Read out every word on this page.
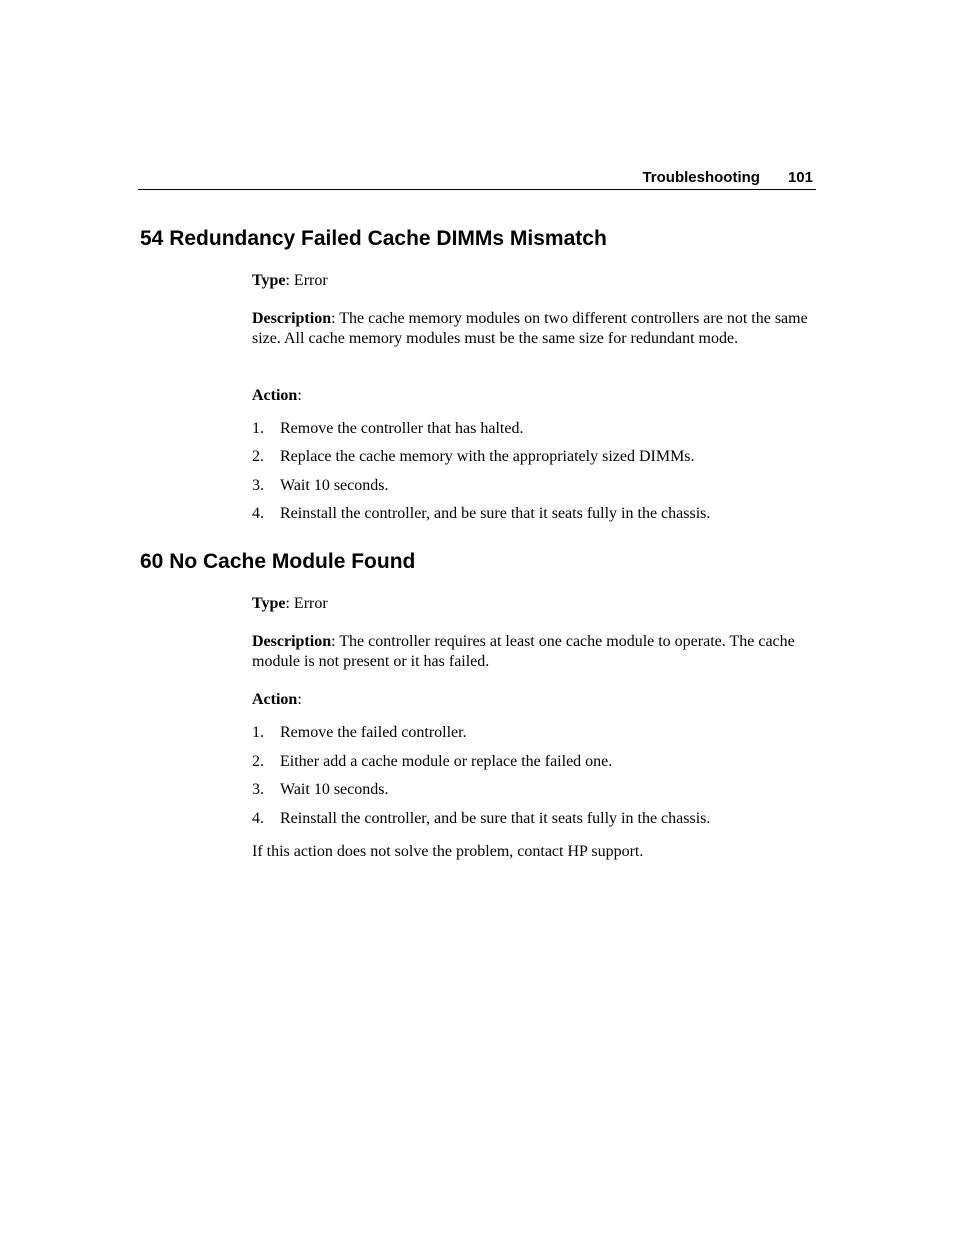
Troubleshooting 101
54 Redundancy Failed Cache DIMMs Mismatch

Type: Error

Description: The cache memory modules on two different controllers are not the same size. All cache memory modules must be the same size for redundant mode.

Action:

1. Remove the controller that has halted.
2. Replace the cache memory with the appropriately sized DIMMs.
3. Wait 10 seconds.
4. Reinstall the controller, and be sure that it seats fully in the chassis.
60 No Cache Module Found

Type: Error

Description: The controller requires at least one cache module to operate. The cache module is not present or it has failed.

Action:

1. Remove the failed controller.
2. Either add a cache module or replace the failed one.
3. Wait 10 seconds.
4. Reinstall the controller, and be sure that it seats fully in the chassis.

If this action does not solve the problem, contact HP support.
